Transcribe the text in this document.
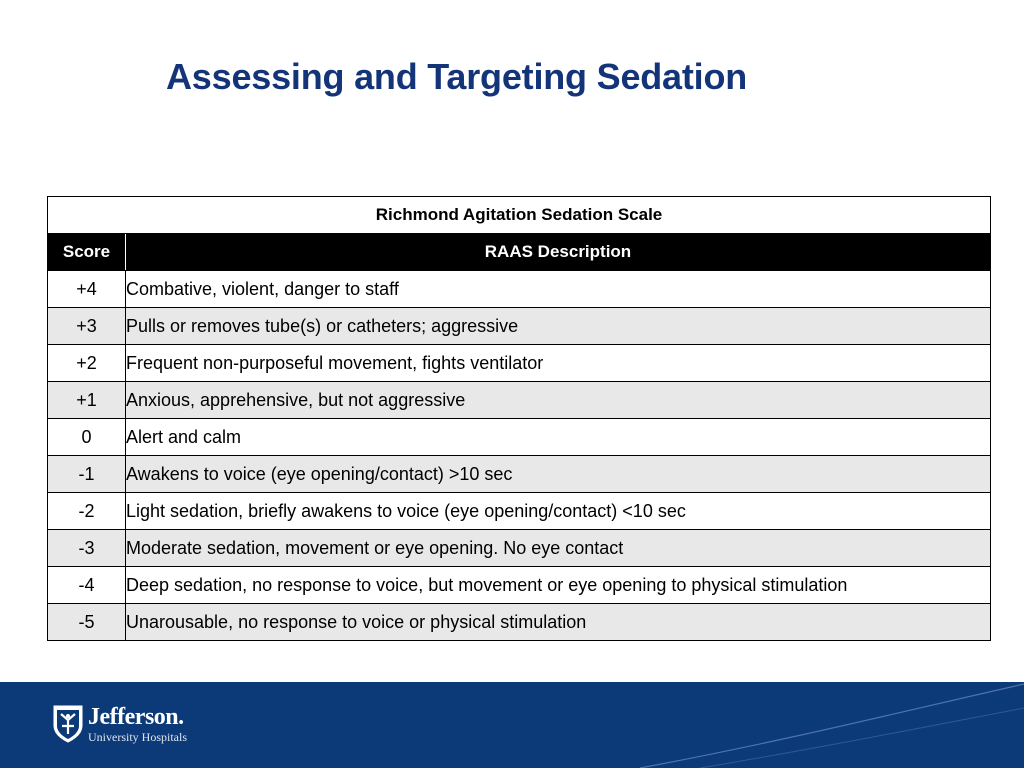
Assessing and Targeting Sedation
Richmond Agitation Sedation Scale	
Score	RAAS Description
+4	Combative, violent, danger to staff
+3	Pulls or removes tube(s) or catheters; aggressive
+2	Frequent non-purposeful movement, fights ventilator
+1	Anxious, apprehensive, but not aggressive
0	Alert and calm
-1	Awakens to voice (eye opening/contact) >10 sec
-2	Light sedation, briefly awakens to voice (eye opening/contact) <10 sec
-3	Moderate sedation, movement or eye opening. No eye contact
-4	Deep sedation, no response to voice, but movement or eye opening to physical stimulation
-5	Unarousable, no response to voice or physical stimulation
Jefferson.
University Hospitals
